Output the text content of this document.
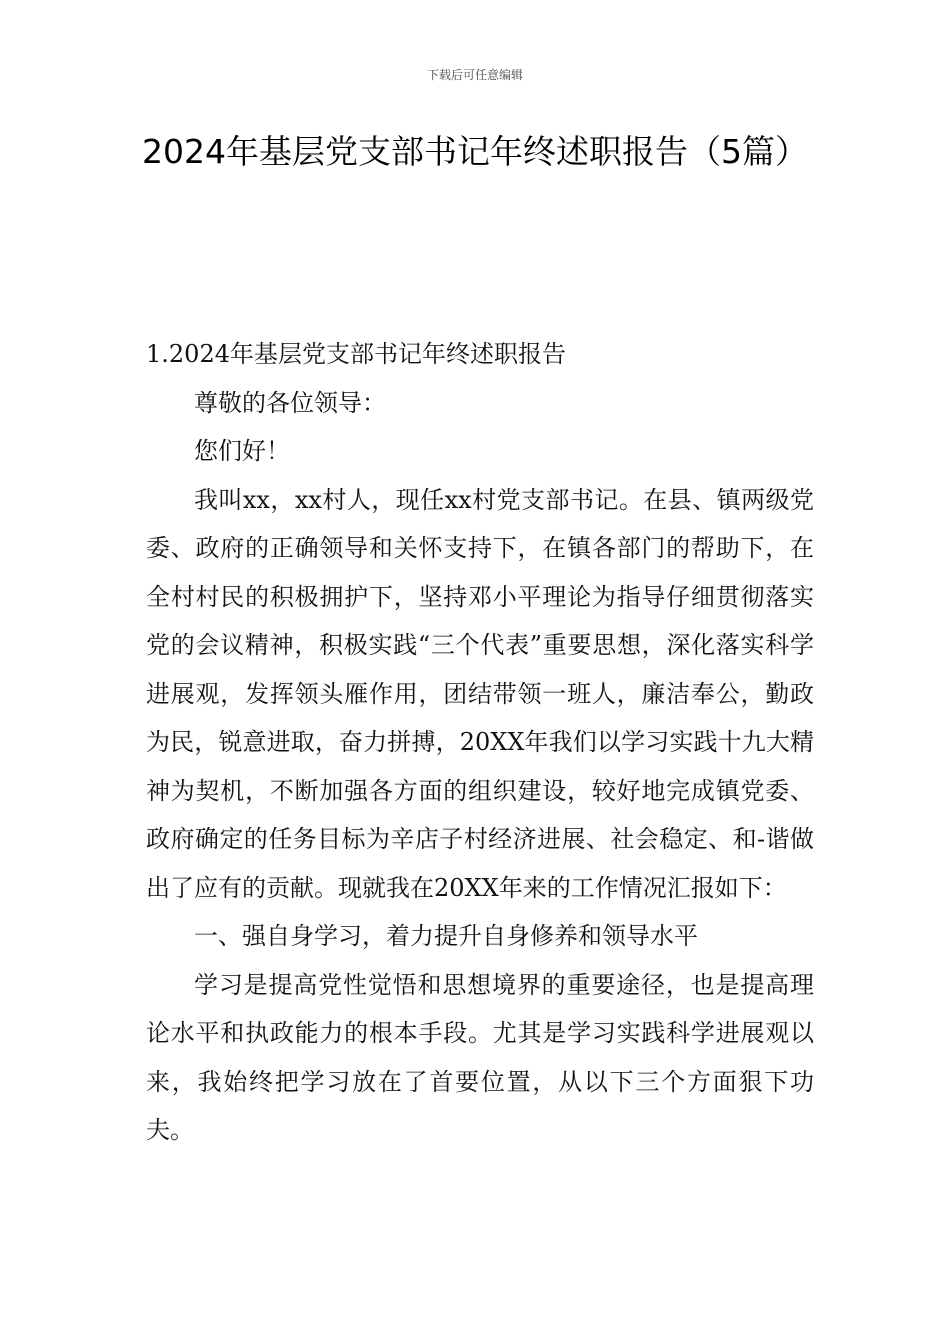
下载后可任意编辑
2024年基层党支部书记年终述职报告（5篇）

1.2024年基层党支部书记年终述职报告

尊敬的各位领导：

您们好！

我叫xx，xx村人，现任xx村党支部书记。在县、镇两级党委、政府的正确领导和关怀支持下，在镇各部门的帮助下，在全村村民的积极拥护下，坚持邓小平理论为指导仔细贯彻落实党的会议精神，积极实践“三个代表”重要思想，深化落实科学进展观，发挥领头雁作用，团结带领一班人，廉洁奉公，勤政为民，锐意进取，奋力拼搏，20XX年我们以学习实践十九大精神为契机，不断加强各方面的组织建设，较好地完成镇党委、政府确定的任务目标为辛店子村经济进展、社会稳定、和-谐做出了应有的贡献。现就我在20XX年来的工作情况汇报如下：

一、强自身学习，着力提升自身修养和领导水平

学习是提高党性觉悟和思想境界的重要途径，也是提高理论水平和执政能力的根本手段。尤其是学习实践科学进展观以来，我始终把学习放在了首要位置，从以下三个方面狠下功夫。
